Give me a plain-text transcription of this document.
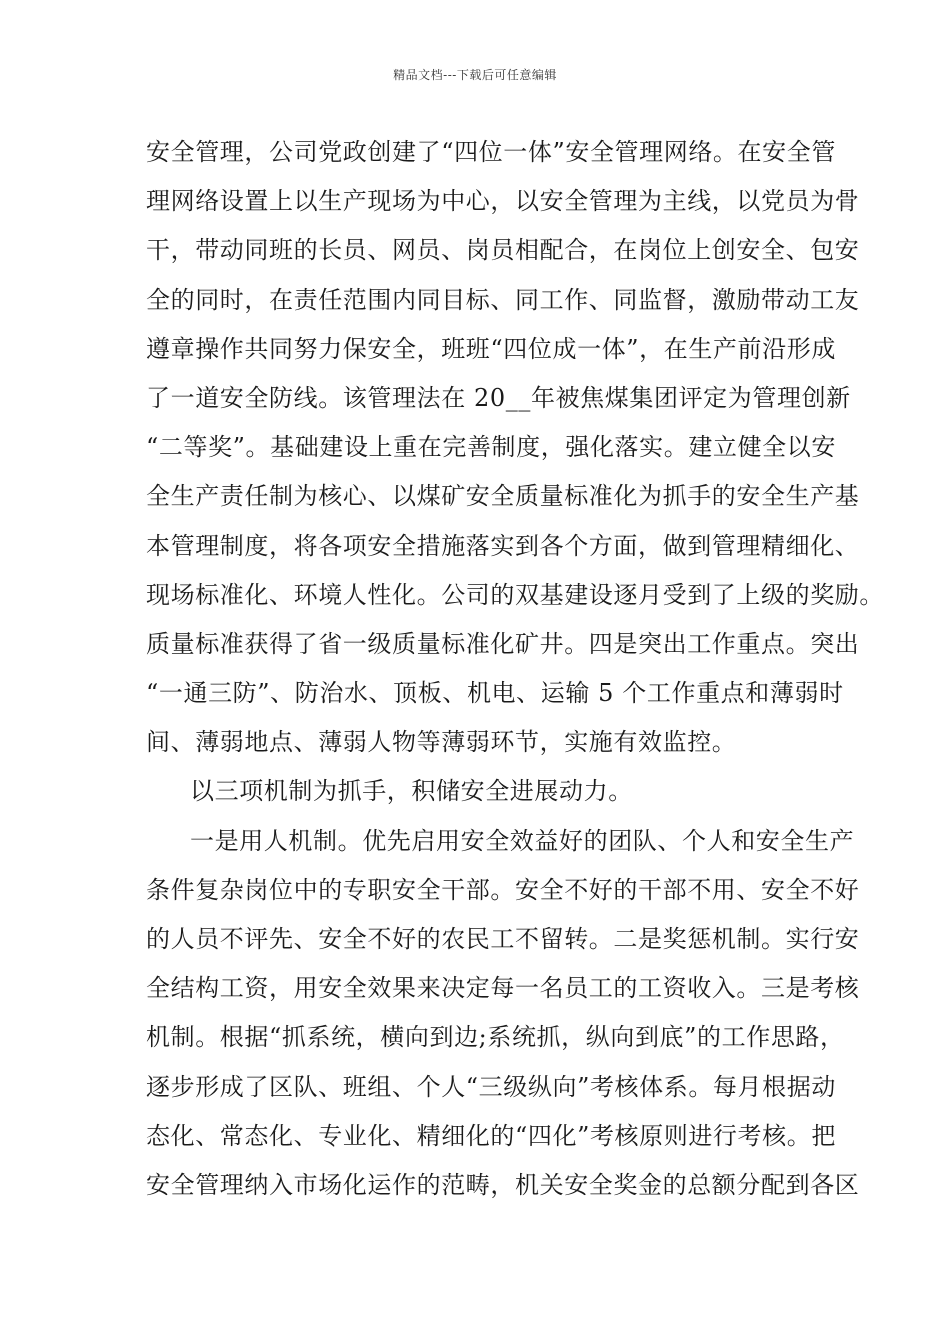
精品文档---下载后可任意编辑
安全管理，公司党政创建了“四位一体”安全管理网络。在安全管
理网络设置上以生产现场为中心，以安全管理为主线，以党员为骨
干，带动同班的长员、网员、岗员相配合，在岗位上创安全、包安
全的同时，在责任范围内同目标、同工作、同监督，激励带动工友
遵章操作共同努力保安全，班班“四位成一体”，在生产前沿形成
了一道安全防线。该管理法在 20__年被焦煤集团评定为管理创新
“二等奖”。基础建设上重在完善制度，强化落实。建立健全以安
全生产责任制为核心、以煤矿安全质量标准化为抓手的安全生产基
本管理制度，将各项安全措施落实到各个方面，做到管理精细化、
现场标准化、环境人性化。公司的双基建设逐月受到了上级的奖励。
质量标准获得了省一级质量标准化矿井。四是突出工作重点。突出
“一通三防”、防治水、顶板、机电、运输 5 个工作重点和薄弱时
间、薄弱地点、薄弱人物等薄弱环节，实施有效监控。
以三项机制为抓手，积储安全进展动力。
一是用人机制。优先启用安全效益好的团队、个人和安全生产
条件复杂岗位中的专职安全干部。安全不好的干部不用、安全不好
的人员不评先、安全不好的农民工不留转。二是奖惩机制。实行安
全结构工资，用安全效果来决定每一名员工的工资收入。三是考核
机制。根据“抓系统，横向到边;系统抓，纵向到底”的工作思路，
逐步形成了区队、班组、个人“三级纵向”考核体系。每月根据动
态化、常态化、专业化、精细化的“四化”考核原则进行考核。把
安全管理纳入市场化运作的范畴，机关安全奖金的总额分配到各区
